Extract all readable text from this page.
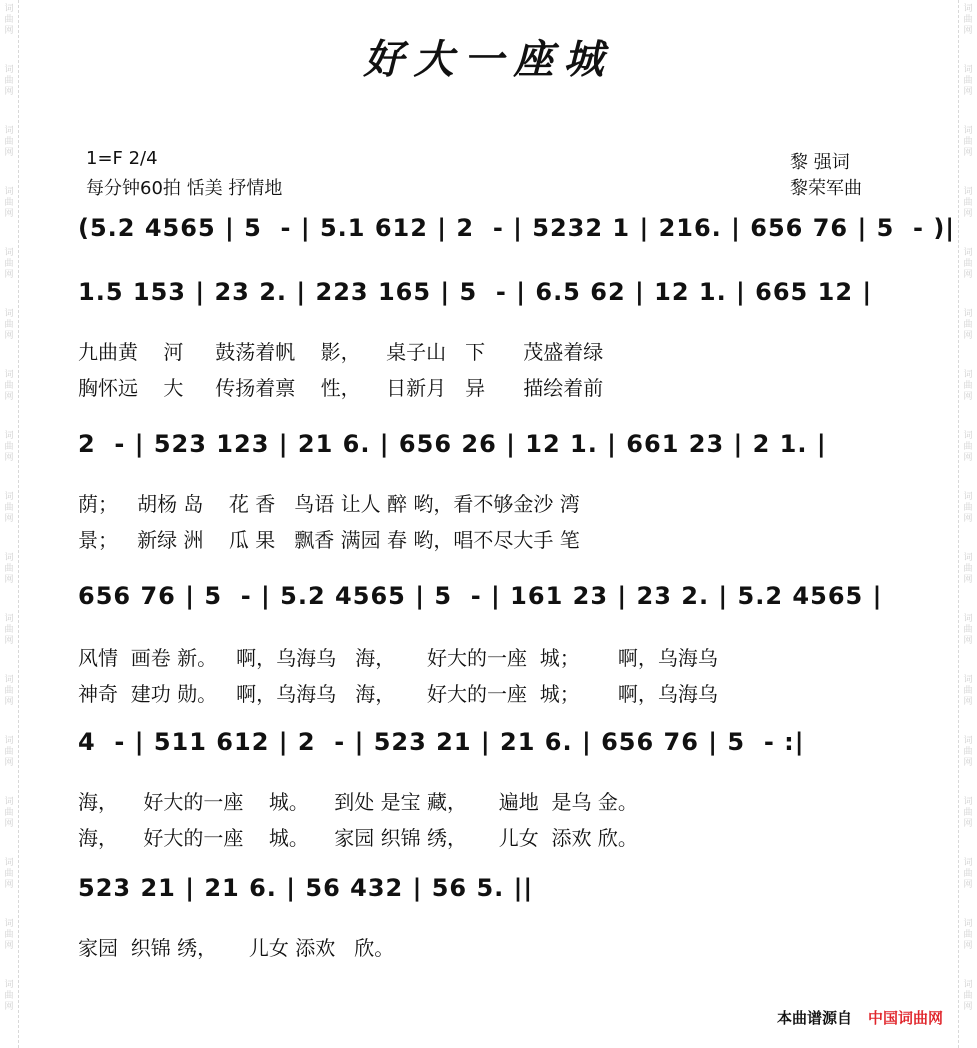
词
曲
网
词
曲
网
词
曲
网
词
曲
网
词
曲
网
词
曲
网
词
曲
网
词
曲
网
词
曲
网
词
曲
网
词
曲
网
词
曲
网
词
曲
网
词
曲
网
词
曲
网
词
曲
网
词
曲
网
词
曲
网
词
曲
网
词
曲
网
词
曲
网
词
曲
网
词
曲
网
词
曲
网
词
曲
网
词
曲
网
词
曲
网
词
曲
网
词
曲
网
词
曲
网
词
曲
网
词
曲
网
词
曲
网
词
曲
网
好大一座城
1=F 2/4
每分钟60拍 恬美 抒情地
黎 强词
黎荣军曲
(5.2 4565 | 5  - | 5.1 612 | 2  - | 5232 1 | 216. | 656 76 | 5  - )|
1.5 153 | 23 2. | 223 165 | 5  - | 6.5 62 | 12 1. | 665 12 |
九曲黄    河     鼓荡着帆    影，    桌子山   下      茂盛着绿
胸怀远    大     传扬着禀    性，    日新月   异      描绘着前
2  - | 523 123 | 21 6. | 656 26 | 12 1. | 661 23 | 2 1. |
荫；   胡杨 岛    花 香   鸟语 让人 醉 哟，看不够金沙 湾
景；   新绿 洲    瓜 果   飘香 满园 春 哟，唱不尽大手 笔
656 76 | 5  - | 5.2 4565 | 5  - | 161 23 | 23 2. | 5.2 4565 |
风情  画卷 新。   啊，乌海乌   海，     好大的一座  城；      啊，乌海乌
神奇  建功 勋。   啊，乌海乌   海，     好大的一座  城；      啊，乌海乌
4  - | 511 612 | 2  - | 523 21 | 21 6. | 656 76 | 5  - :|
海，    好大的一座    城。    到处 是宝 藏，     遍地  是乌 金。
海，    好大的一座    城。    家园 织锦 绣，     儿女  添欢 欣。
523 21 | 21 6. | 56 432 | 56 5. ||
家园  织锦 绣，     儿女 添欢   欣。
本曲谱源自 中国词曲网
